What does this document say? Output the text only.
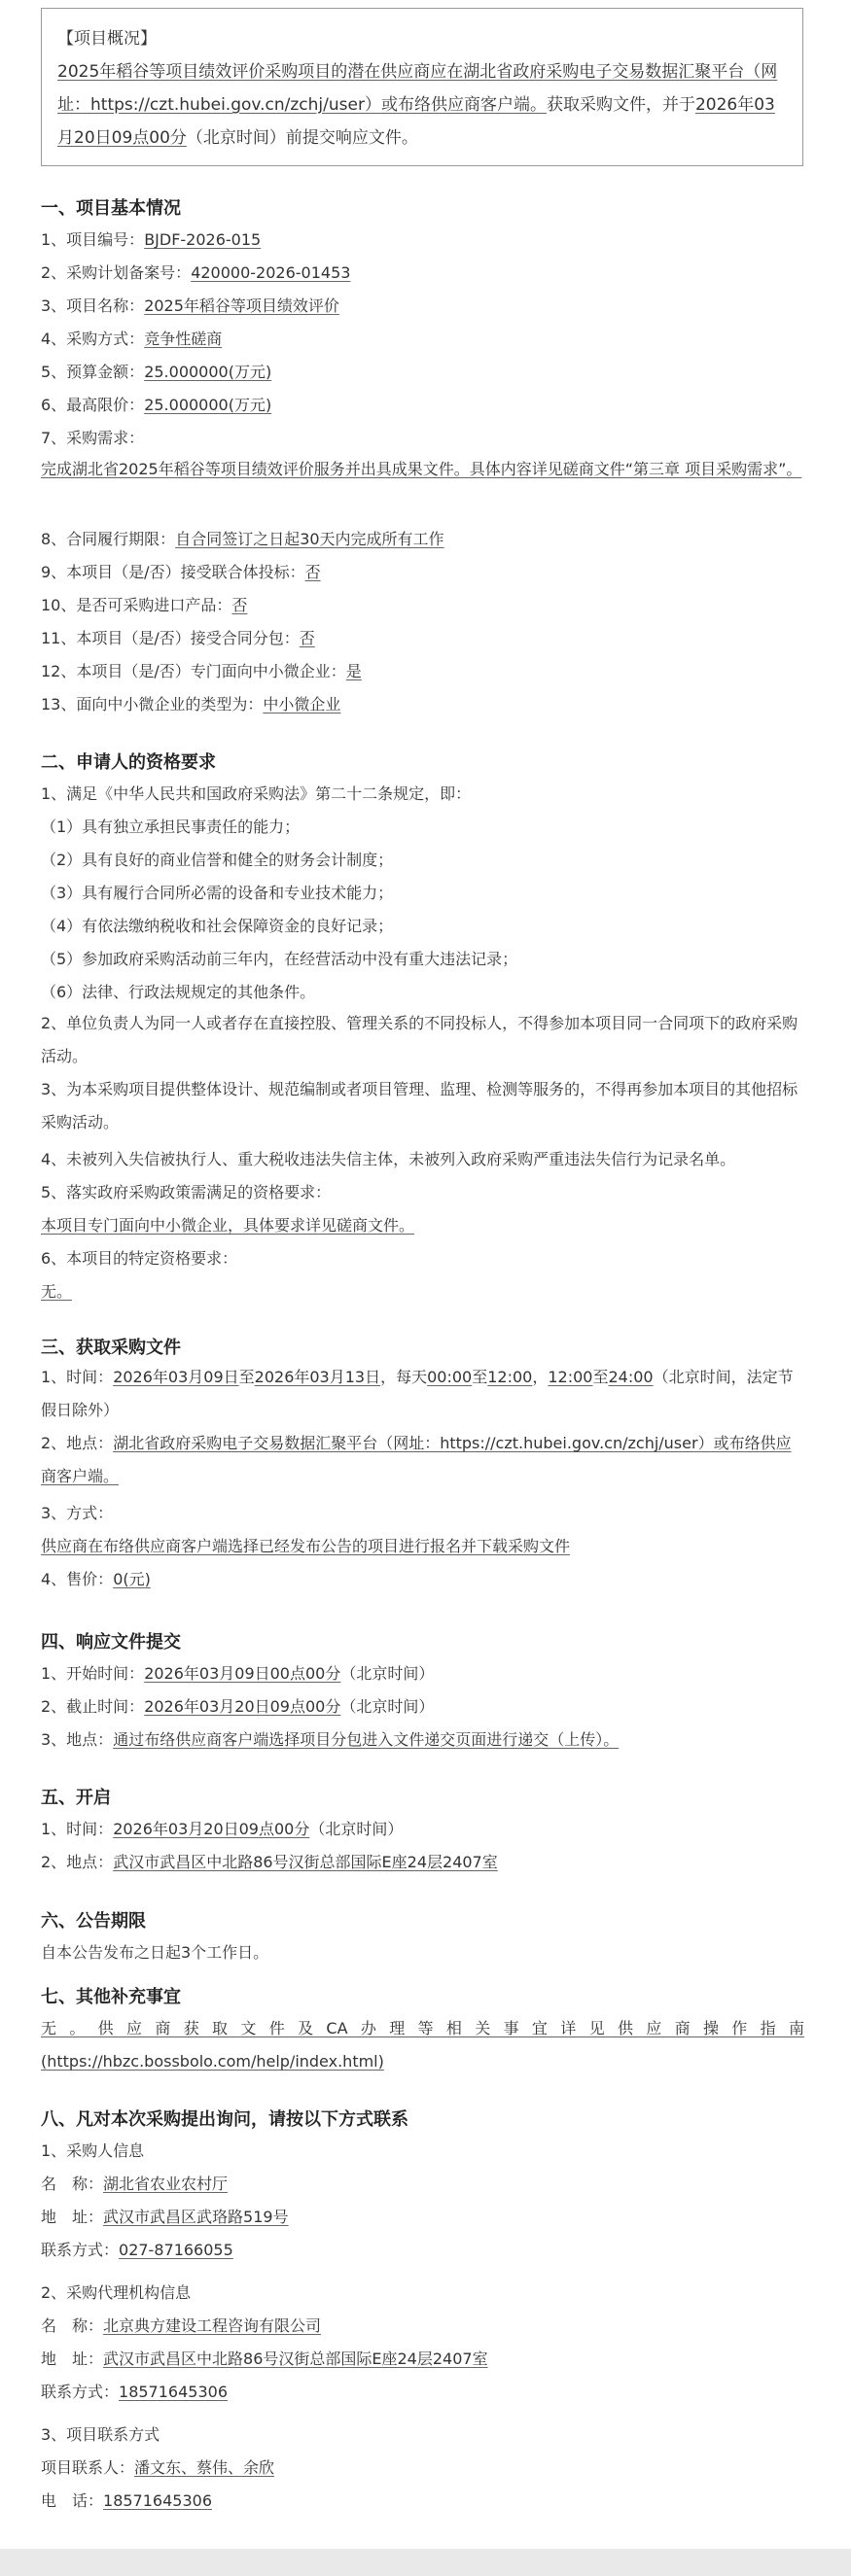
【项目概况】

2025年稻谷等项目绩效评价采购项目的潜在供应商应在湖北省政府采购电子交易数据汇聚平台（网址：https://czt.hubei.gov.cn/zchj/user）或布络供应商客户端。获取采购文件，并于2026年03月20日09点00分（北京时间）前提交响应文件。

一、项目基本情况
1、项目编号：BJDF-2026-015
2、采购计划备案号：420000-2026-01453
3、项目名称：2025年稻谷等项目绩效评价
4、采购方式：竞争性磋商
5、预算金额：25.000000(万元)
6、最高限价：25.000000(万元)
7、采购需求：
完成湖北省2025年稻谷等项目绩效评价服务并出具成果文件。具体内容详见磋商文件“第三章 项目采购需求”。
8、合同履行期限：自合同签订之日起30天内完成所有工作
9、本项目（是/否）接受联合体投标：否
10、是否可采购进口产品：否
11、本项目（是/否）接受合同分包：否
12、本项目（是/否）专门面向中小微企业：是
13、面向中小微企业的类型为：中小微企业
二、申请人的资格要求
1、满足《中华人民共和国政府采购法》第二十二条规定，即：
（1）具有独立承担民事责任的能力；
（2）具有良好的商业信誉和健全的财务会计制度；
（3）具有履行合同所必需的设备和专业技术能力；
（4）有依法缴纳税收和社会保障资金的良好记录；
（5）参加政府采购活动前三年内，在经营活动中没有重大违法记录；
（6）法律、行政法规规定的其他条件。
2、单位负责人为同一人或者存在直接控股、管理关系的不同投标人，不得参加本项目同一合同项下的政府采购活动。
3、为本采购项目提供整体设计、规范编制或者项目管理、监理、检测等服务的，不得再参加本项目的其他招标采购活动。
4、未被列入失信被执行人、重大税收违法失信主体，未被列入政府采购严重违法失信行为记录名单。
5、落实政府采购政策需满足的资格要求：
本项目专门面向中小微企业，具体要求详见磋商文件。
6、本项目的特定资格要求：
无。
三、获取采购文件
1、时间：2026年03月09日至2026年03月13日，每天00:00至12:00，12:00至24:00（北京时间，法定节假日除外）
2、地点：湖北省政府采购电子交易数据汇聚平台（网址：https://czt.hubei.gov.cn/zchj/user）或布络供应商客户端。
3、方式：
供应商在布络供应商客户端选择已经发布公告的项目进行报名并下载采购文件
4、售价：0(元)
四、响应文件提交
1、开始时间：2026年03月09日00点00分（北京时间）
2、截止时间：2026年03月20日09点00分（北京时间）
3、地点：通过布络供应商客户端选择项目分包进入文件递交页面进行递交（上传）。
五、开启
1、时间：2026年03月20日09点00分（北京时间）
2、地点：武汉市武昌区中北路86号汉街总部国际E座24层2407室
六、公告期限
自本公告发布之日起3个工作日。
七、其他补充事宜
无。供应商获取文件及CA办理等相关事宜详见供应商操作指南
(https://hbzc.bossbolo.com/help/index.html)
八、凡对本次采购提出询问，请按以下方式联系
1、采购人信息
名　称：湖北省农业农村厅
地　址：武汉市武昌区武珞路519号
联系方式：027-87166055
2、采购代理机构信息
名　称：北京典方建设工程咨询有限公司
地　址：武汉市武昌区中北路86号汉街总部国际E座24层2407室
联系方式：18571645306
3、项目联系方式
项目联系人：潘文东、蔡伟、余欣
电　话：18571645306
